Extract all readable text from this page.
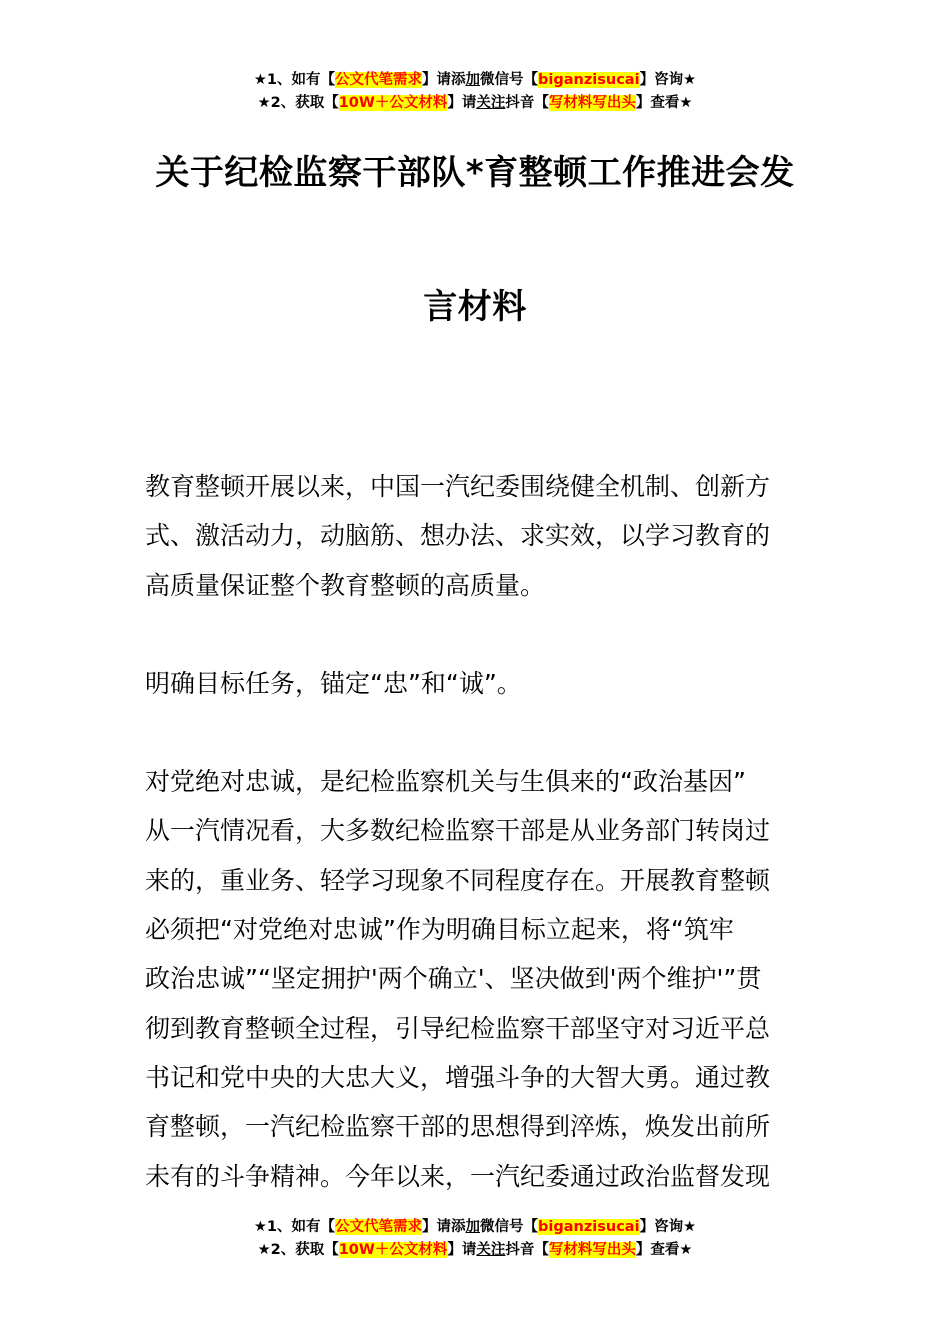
★1、如有【公文代笔需求】请添加微信号【biganzisucai】咨询★
★2、获取【10W＋公文材料】请关注抖音【写材料写出头】查看★
关于纪检监察干部队*育整顿工作推进会发
言材料

教育整顿开展以来，中国一汽纪委围绕健全机制、创新方
式、激活动力，动脑筋、想办法、求实效，以学习教育的
高质量保证整个教育整顿的高质量。

明确目标任务，锚定“忠”和“诚”。

对党绝对忠诚，是纪检监察机关与生俱来的“政治基因”
从一汽情况看，大多数纪检监察干部是从业务部门转岗过
来的，重业务、轻学习现象不同程度存在。开展教育整顿
必须把“对党绝对忠诚”作为明确目标立起来，将“筑牢
政治忠诚”“坚定拥护'两个确立'、坚决做到'两个维护'”贯
彻到教育整顿全过程，引导纪检监察干部坚守对习近平总
书记和党中央的大忠大义，增强斗争的大智大勇。通过教
育整顿，一汽纪检监察干部的思想得到淬炼，焕发出前所
未有的斗争精神。今年以来，一汽纪委通过政治监督发现

★1、如有【公文代笔需求】请添加微信号【biganzisucai】咨询★
★2、获取【10W＋公文材料】请关注抖音【写材料写出头】查看★
